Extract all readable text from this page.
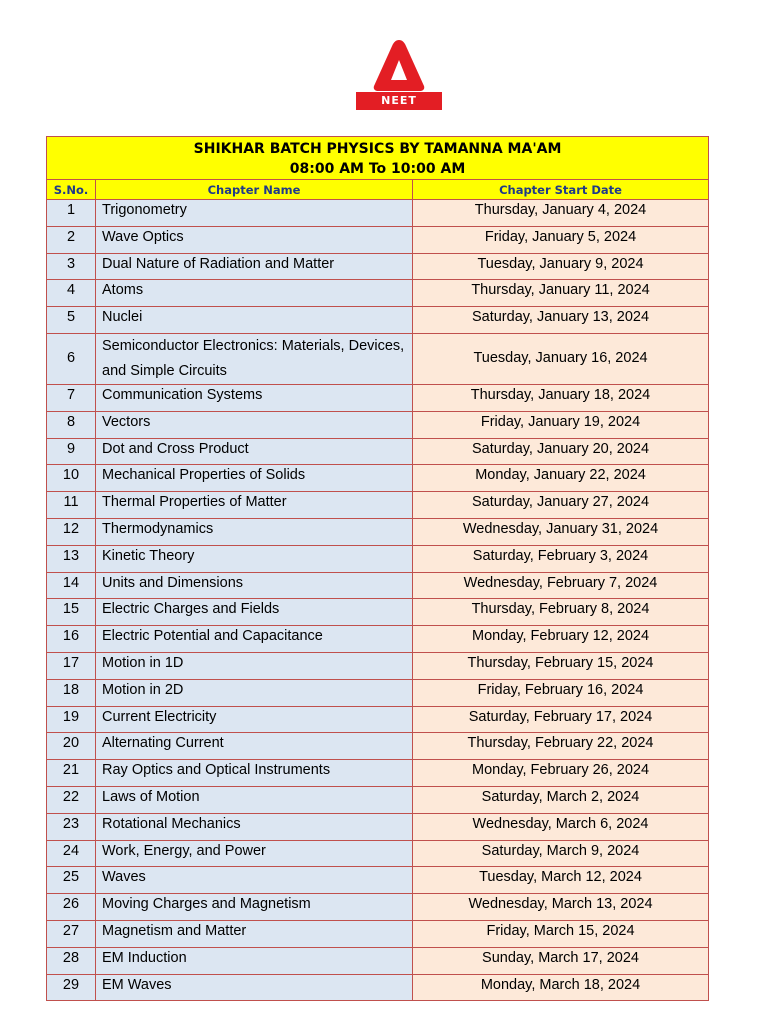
NEET
SHIKHAR BATCH PHYSICS BY TAMANNA MA'AM
08:00 AM To 10:00 AM		

S.No.	Chapter Name	Chapter Start Date
1	Trigonometry	Thursday, January 4, 2024
2	Wave Optics	Friday, January 5, 2024
3	Dual Nature of Radiation and Matter	Tuesday, January 9, 2024
4	Atoms	Thursday, January 11, 2024
5	Nuclei	Saturday, January 13, 2024
6	Semiconductor Electronics: Materials, Devices, and Simple Circuits	Tuesday, January 16, 2024
7	Communication Systems	Thursday, January 18, 2024
8	Vectors	Friday, January 19, 2024
9	Dot and Cross Product	Saturday, January 20, 2024
10	Mechanical Properties of Solids	Monday, January 22, 2024
11	Thermal Properties of Matter	Saturday, January 27, 2024
12	Thermodynamics	Wednesday, January 31, 2024
13	Kinetic Theory	Saturday, February 3, 2024
14	Units and Dimensions	Wednesday, February 7, 2024
15	Electric Charges and Fields	Thursday, February 8, 2024
16	Electric Potential and Capacitance	Monday, February 12, 2024
17	Motion in 1D	Thursday, February 15, 2024
18	Motion in 2D	Friday, February 16, 2024
19	Current Electricity	Saturday, February 17, 2024
20	Alternating Current	Thursday, February 22, 2024
21	Ray Optics and Optical Instruments	Monday, February 26, 2024
22	Laws of Motion	Saturday, March 2, 2024
23	Rotational Mechanics	Wednesday, March 6, 2024
24	Work, Energy, and Power	Saturday, March 9, 2024
25	Waves	Tuesday, March 12, 2024
26	Moving Charges and Magnetism	Wednesday, March 13, 2024
27	Magnetism and Matter	Friday, March 15, 2024
28	EM Induction	Sunday, March 17, 2024
29	EM Waves	Monday, March 18, 2024
